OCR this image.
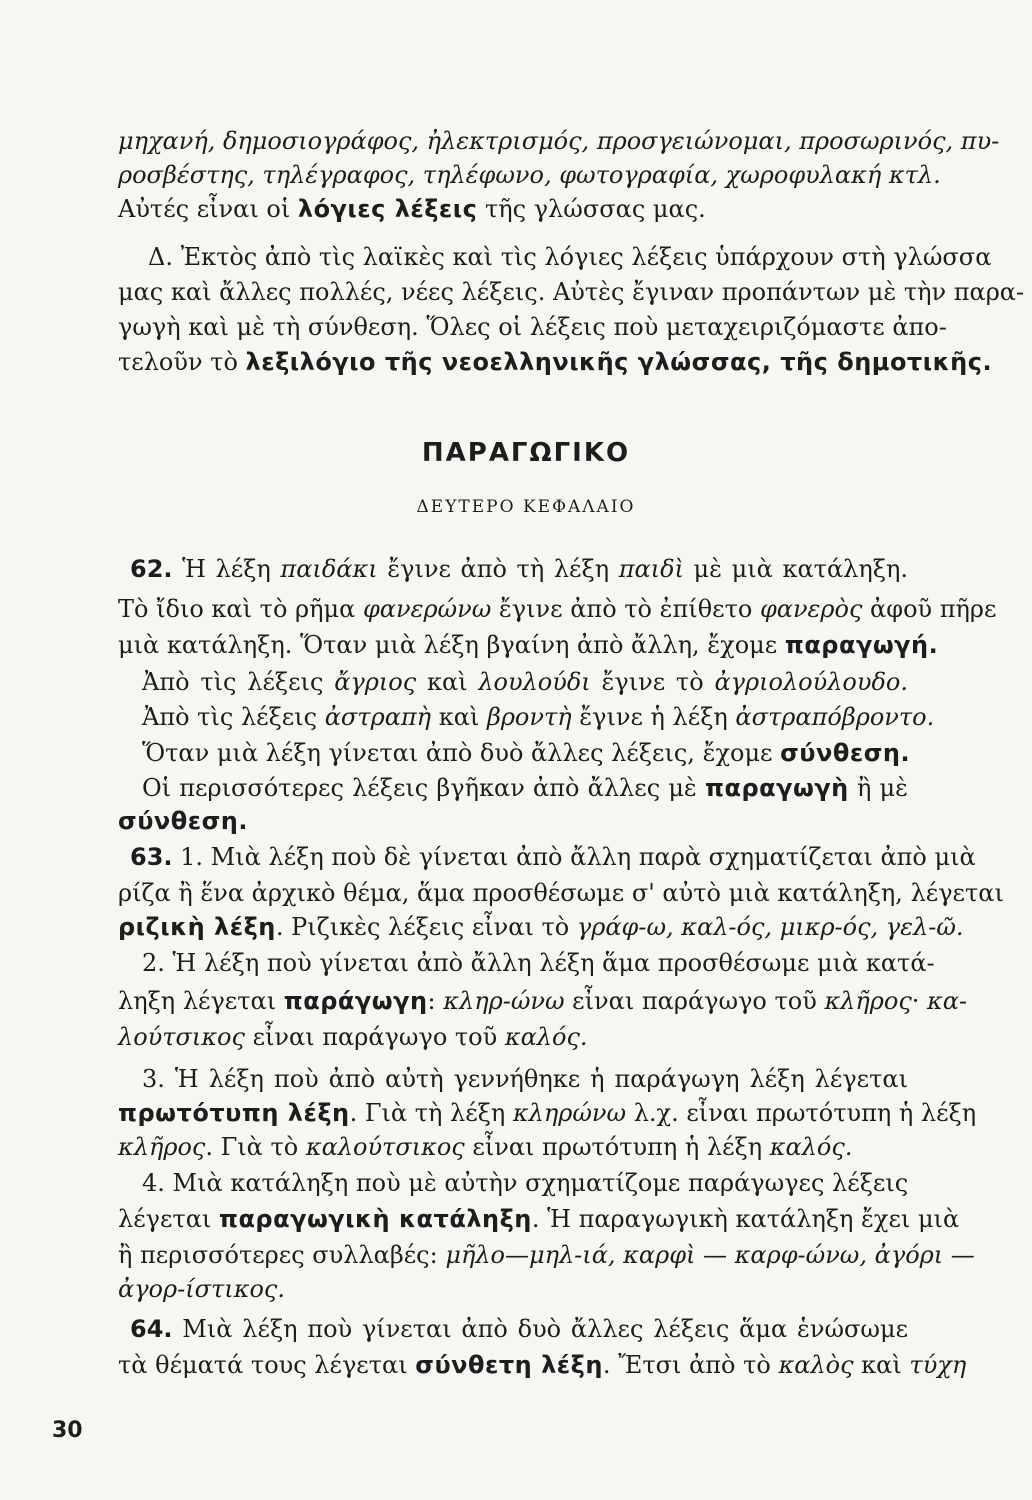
μηχανή, δημοσιογράφος, ἠλεκτρισμός, προσγειώνομαι, προσωρινός, πυ-
ροσβέστης, τηλέγραφος, τηλέφωνο, φωτογραφία, χωροφυλακή κτλ.
Αὐτές εἶναι οἱ λόγιες λέξεις τῆς γλώσσας μας.
Δ. Ἐκτὸς ἀπὸ τὶς λαϊκὲς καὶ τὶς λόγιες λέξεις ὑπάρχουν στὴ γλώσσα
μας καὶ ἄλλες πολλές, νέες λέξεις. Αὐτὲς ἔγιναν προπάντων μὲ τὴν παρα-
γωγὴ καὶ μὲ τὴ σύνθεση. Ὅλες οἱ λέξεις ποὺ μεταχειριζόμαστε ἀπο-
τελοῦν τὸ λεξιλόγιο τῆς νεοελληνικῆς γλώσσας, τῆς δημοτικῆς.
ΠΑΡΑΓΩΓΙΚΟ
ΔΕΥΤΕΡΟ ΚΕΦΑΛΑΙΟ
62. Ἡ λέξη παιδάκι ἔγινε ἀπὸ τὴ λέξη παιδὶ μὲ μιὰ κατάληξη.
Τὸ ἴδιο καὶ τὸ ρῆμα φανερώνω ἔγινε ἀπὸ τὸ ἐπίθετο φανερὸς ἀφοῦ πῆρε
μιὰ κατάληξη. Ὅταν μιὰ λέξη βγαίνη ἀπὸ ἄλλη, ἔχομε παραγωγή.
Ἀπὸ τὶς λέξεις ἄγριος καὶ λουλούδι ἔγινε τὸ ἀγριολούλουδο.
Ἀπὸ τὶς λέξεις ἀστραπὴ καὶ βροντὴ ἔγινε ἡ λέξη ἀστραπόβροντο.
Ὅταν μιὰ λέξη γίνεται ἀπὸ δυὸ ἄλλες λέξεις, ἔχομε σύνθεση.
Οἱ περισσότερες λέξεις βγῆκαν ἀπὸ ἄλλες μὲ παραγωγὴ ἢ μὲ
σύνθεση.
63. 1. Μιὰ λέξη ποὺ δὲ γίνεται ἀπὸ ἄλλη παρὰ σχηματίζεται ἀπὸ μιὰ
ρίζα ἢ ἕνα ἀρχικὸ θέμα, ἅμα προσθέσωμε σ' αὐτὸ μιὰ κατάληξη, λέγεται
ριζικὴ λέξη. Ριζικὲς λέξεις εἶναι τὸ γράφ-ω, καλ-ός, μικρ-ός, γελ-ῶ.
2. Ἡ λέξη ποὺ γίνεται ἀπὸ ἄλλη λέξη ἅμα προσθέσωμε μιὰ κατά-
ληξη λέγεται παράγωγη: κληρ-ώνω εἶναι παράγωγο τοῦ κλῆρος· κα-
λούτσικος εἶναι παράγωγο τοῦ καλός.
3. Ἡ λέξη ποὺ ἀπὸ αὐτὴ γεννήθηκε ἡ παράγωγη λέξη λέγεται
πρωτότυπη λέξη. Γιὰ τὴ λέξη κληρώνω λ.χ. εἶναι πρωτότυπη ἡ λέξη
κλῆρος. Γιὰ τὸ καλούτσικος εἶναι πρωτότυπη ἡ λέξη καλός.
4. Μιὰ κατάληξη ποὺ μὲ αὐτὴν σχηματίζομε παράγωγες λέξεις
λέγεται παραγωγικὴ κατάληξη. Ἡ παραγωγικὴ κατάληξη ἔχει μιὰ
ἢ περισσότερες συλλαβές: μῆλο—μηλ-ιά, καρφὶ — καρφ-ώνω, ἀγόρι —
ἀγορ-ίστικος.
64. Μιὰ λέξη ποὺ γίνεται ἀπὸ δυὸ ἄλλες λέξεις ἅμα ἑνώσωμε
τὰ θέματά τους λέγεται σύνθετη λέξη. Ἔτσι ἀπὸ τὸ καλὸς καὶ τύχη
30
